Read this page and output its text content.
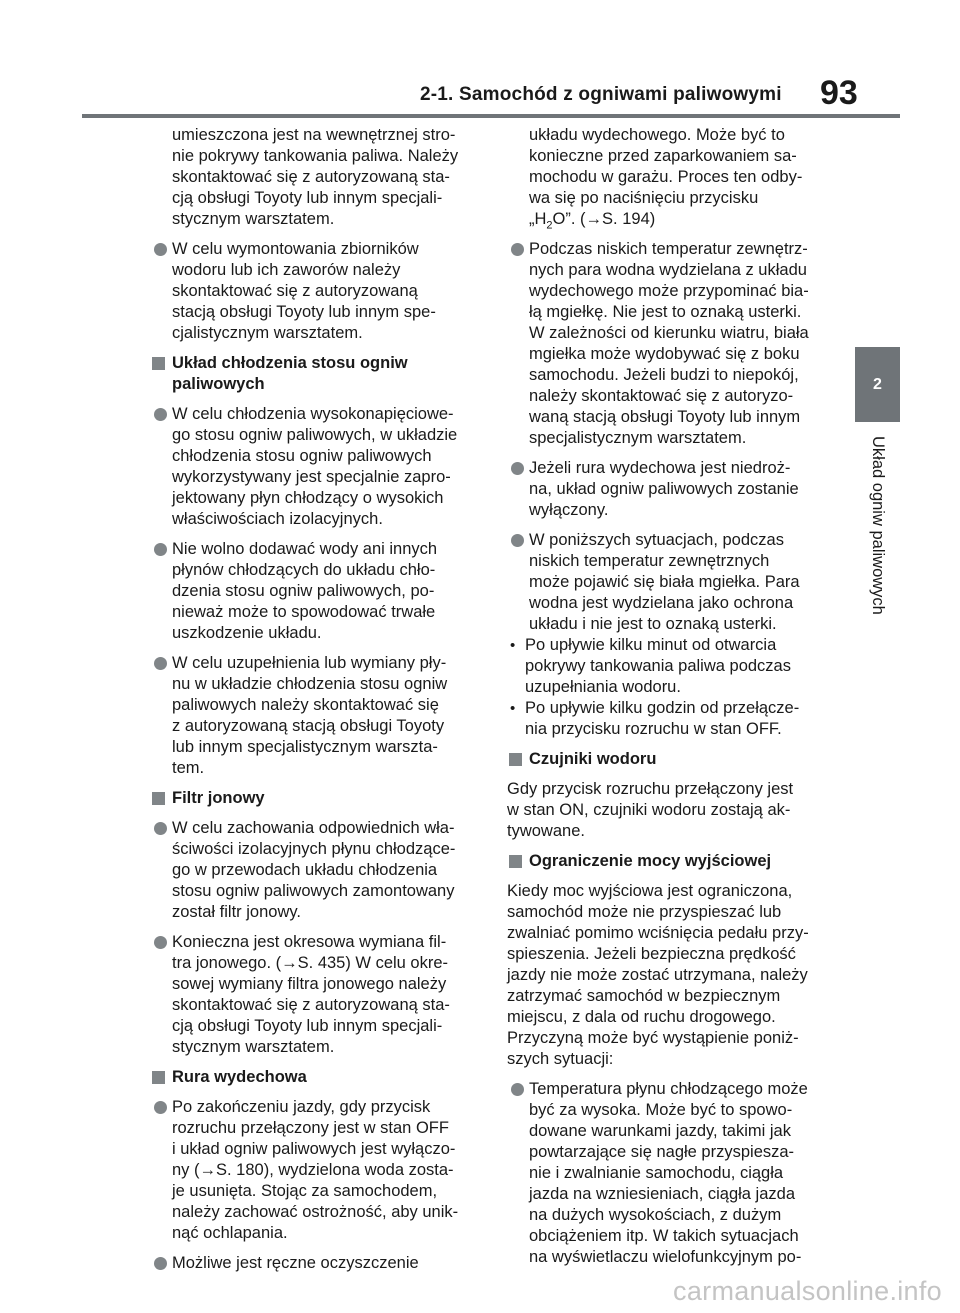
2-1. Samochód z ogniwami paliwowymi 93
2
Układ ogniw paliwowych

umieszczona jest na wewnętrznej stro-

nie pokrywy tankowania paliwa. Należy

skontaktować się z autoryzowaną sta-

cją obsługi Toyoty lub innym specjali-

stycznym warsztatem.

W celu wymontowania zbiorników

wodoru lub ich zaworów należy

skontaktować się z autoryzowaną

stacją obsługi Toyoty lub innym spe-

cjalistycznym warsztatem.

Układ chłodzenia stosu ogniw

paliwowych

W celu chłodzenia wysokonapięciowe-

go stosu ogniw paliwowych, w układzie

chłodzenia stosu ogniw paliwowych

wykorzystywany jest specjalnie zapro-

jektowany płyn chłodzący o wysokich

właściwościach izolacyjnych.

Nie wolno dodawać wody ani innych

płynów chłodzących do układu chło-

dzenia stosu ogniw paliwowych, po-

nieważ może to spowodować trwałe

uszkodzenie układu.

W celu uzupełnienia lub wymiany pły-

nu w układzie chłodzenia stosu ogniw

paliwowych należy skontaktować się

z autoryzowaną stacją obsługi Toyoty

lub innym specjalistycznym warszta-

tem.

Filtr jonowy

W celu zachowania odpowiednich wła-

ściwości izolacyjnych płynu chłodzące-

go w przewodach układu chłodzenia

stosu ogniw paliwowych zamontowany

został filtr jonowy.

Konieczna jest okresowa wymiana fil-

tra jonowego. (→S. 435) W celu okre-

sowej wymiany filtra jonowego należy

skontaktować się z autoryzowaną sta-

cją obsługi Toyoty lub innym specjali-

stycznym warsztatem.

Rura wydechowa

Po zakończeniu jazdy, gdy przycisk

rozruchu przełączony jest w stan OFF

i układ ogniw paliwowych jest wyłączo-

ny (→S. 180), wydzielona woda zosta-

je usunięta. Stojąc za samochodem,

należy zachować ostrożność, aby unik-

nąć ochlapania.

Możliwe jest ręczne oczyszczenie

układu wydechowego. Może być to

konieczne przed zaparkowaniem sa-

mochodu w garażu. Proces ten odby-

wa się po naciśnięciu przycisku

$„H_2O$”. (→S. 194)

Podczas niskich temperatur zewnętrz-

nych para wodna wydzielana z układu

wydechowego może przypominać bia-

łą mgiełkę. Nie jest to oznaką usterki.

W zależności od kierunku wiatru, biała

mgiełka może wydobywać się z boku

samochodu. Jeżeli budzi to niepokój,

należy skontaktować się z autoryzo-

waną stacją obsługi Toyoty lub innym

specjalistycznym warsztatem.

Jeżeli rura wydechowa jest niedroż-

na, układ ogniw paliwowych zostanie

wyłączony.

W poniższych sytuacjach, podczas

niskich temperatur zewnętrznych

może pojawić się biała mgiełka. Para

wodna jest wydzielana jako ochrona

układu i nie jest to oznaką usterki.

• Po upływie kilku minut od otwarcia

pokrywy tankowania paliwa podczas

uzupełniania wodoru.

• Po upływie kilku godzin od przełącze-

nia przycisku rozruchu w stan OFF.

Czujniki wodoru

Gdy przycisk rozruchu przełączony jest

w stan ON, czujniki wodoru zostają ak-

tywowane.

Ograniczenie mocy wyjściowej

Kiedy moc wyjściowa jest ograniczona,

samochód może nie przyspieszać lub

zwalniać pomimo wciśnięcia pedału przy-

spieszenia. Jeżeli bezpieczna prędkość

jazdy nie może zostać utrzymana, należy

zatrzymać samochód w bezpiecznym

miejscu, z dala od ruchu drogowego.

Przyczyną może być wystąpienie poniż-

szych sytuacji:

Temperatura płynu chłodzącego może

być za wysoka. Może być to spowo-

dowane warunkami jazdy, takimi jak

powtarzające się nagłe przyspiesza-

nie i zwalnianie samochodu, ciągła

jazda na wzniesieniach, ciągła jazda

na dużych wysokościach, z dużym

obciążeniem itp. W takich sytuacjach

na wyświetlaczu wielofunkcyjnym po-

carmanualsonline.info
